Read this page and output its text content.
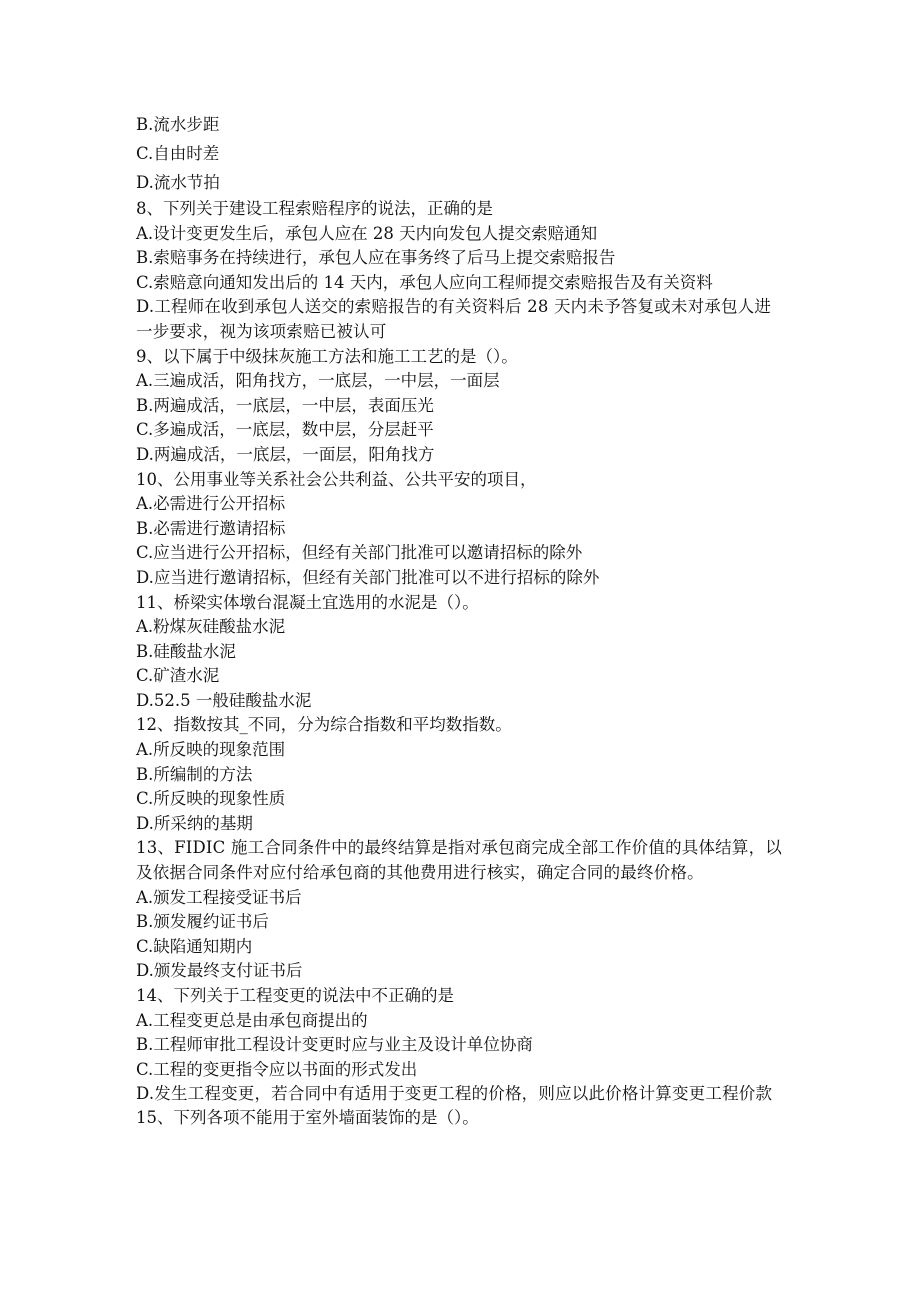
B.流水步距
C.自由时差
D.流水节拍
8、下列关于建设工程索赔程序的说法，正确的是
A.设计变更发生后，承包人应在 28 天内向发包人提交索赔通知
B.索赔事务在持续进行，承包人应在事务终了后马上提交索赔报告
C.索赔意向通知发出后的 14 天内，承包人应向工程师提交索赔报告及有关资料
D.工程师在收到承包人送交的索赔报告的有关资料后 28 天内未予答复或未对承包人进一步要求，视为该项索赔已被认可
9、以下属于中级抹灰施工方法和施工工艺的是（）。
A.三遍成活，阳角找方，一底层，一中层，一面层
B.两遍成活，一底层，一中层，表面压光
C.多遍成活，一底层，数中层，分层赶平
D.两遍成活，一底层，一面层，阳角找方
10、公用事业等关系社会公共利益、公共平安的项目，
A.必需进行公开招标
B.必需进行邀请招标
C.应当进行公开招标，但经有关部门批准可以邀请招标的除外
D.应当进行邀请招标，但经有关部门批准可以不进行招标的除外
11、桥梁实体墩台混凝土宜选用的水泥是（）。
A.粉煤灰硅酸盐水泥
B.硅酸盐水泥
C.矿渣水泥
D.52.5 一般硅酸盐水泥
12、指数按其_不同，分为综合指数和平均数指数。
A.所反映的现象范围
B.所编制的方法
C.所反映的现象性质
D.所采纳的基期
13、FIDIC 施工合同条件中的最终结算是指对承包商完成全部工作价值的具体结算，以及依据合同条件对应付给承包商的其他费用进行核实，确定合同的最终价格。
A.颁发工程接受证书后
B.颁发履约证书后
C.缺陷通知期内
D.颁发最终支付证书后
14、下列关于工程变更的说法中不正确的是
A.工程变更总是由承包商提出的
B.工程师审批工程设计变更时应与业主及设计单位协商
C.工程的变更指令应以书面的形式发出
D.发生工程变更，若合同中有适用于变更工程的价格，则应以此价格计算变更工程价款
15、下列各项不能用于室外墙面装饰的是（）。
